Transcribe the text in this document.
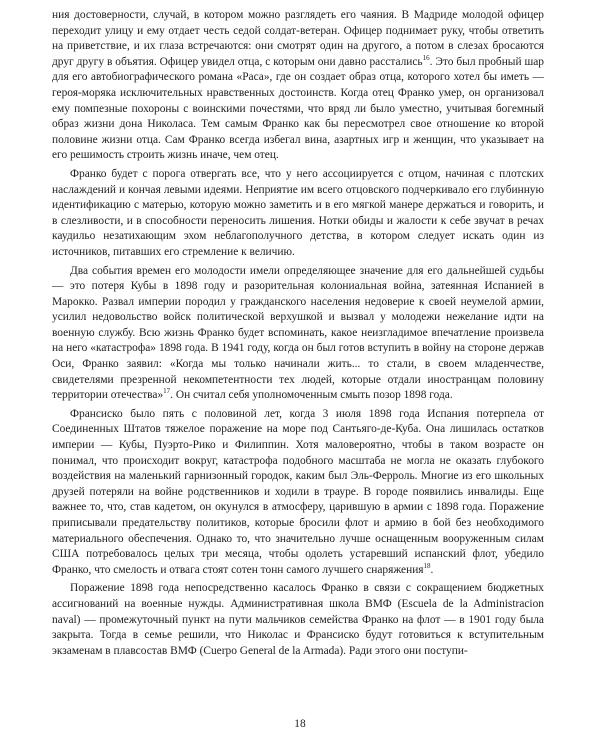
ния достоверности, случай, в котором можно разглядеть его чаяния. В Мадриде молодой офицер переходит улицу и ему отдает честь седой солдат-ветеран. Офицер поднимает руку, чтобы ответить на приветствие, и их глаза встречаются: они смотрят один на другого, а потом в слезах бросаются друг другу в объятия. Офицер увидел отца, с которым они давно расстались$^{16}$. Это был пробный шар для его автобиографического романа «Раса», где он создает образ отца, которого хотел бы иметь — героя-моряка исключительных нравственных достоинств. Когда отец Франко умер, он организовал ему помпезные похороны с воинскими почестями, что вряд ли было уместно, учитывая богемный образ жизни дона Николаса. Тем самым Франко как бы пересмотрел свое отношение ко второй половине жизни отца. Сам Франко всегда избегал вина, азартных игр и женщин, что указывает на его решимость строить жизнь иначе, чем отец.

Франко будет с порога отвергать все, что у него ассоциируется с отцом, начиная с плотских наслаждений и кончая левыми идеями. Неприятие им всего отцовского подчеркивало его глубинную идентификацию с матерью, которую можно заметить и в его мягкой манере держаться и говорить, и в слезливости, и в способности переносить лишения. Нотки обиды и жалости к себе звучат в речах каудильо незатихающим эхом неблагополучного детства, в котором следует искать один из источников, питавших его стремление к величию.

Два события времен его молодости имели определяющее значение для его дальнейшей судьбы — это потеря Кубы в 1898 году и разорительная колониальная война, затеянная Испанией в Марокко. Развал империи породил у гражданского населения недоверие к своей неумелой армии, усилил недовольство войск политической верхушкой и вызвал у молодежи нежелание идти на военную службу. Всю жизнь Франко будет вспоминать, какое неизгладимое впечатление произвела на него «катастрофа» 1898 года. В 1941 году, когда он был готов вступить в войну на стороне держав Оси, Франко заявил: «Когда мы только начинали жить... то стали, в своем младенчестве, свидетелями презренной некомпетентности тех людей, которые отдали иностранцам половину территории отечества»$^{17}$. Он считал себя уполномоченным смыть позор 1898 года.

Франсиско было пять с половиной лет, когда 3 июля 1898 года Испания потерпела от Соединенных Штатов тяжелое поражение на море под Сантьяго-де-Куба. Она лишилась остатков империи — Кубы, Пуэрто-Рико и Филиппин. Хотя маловероятно, чтобы в таком возрасте он понимал, что происходит вокруг, катастрофа подобного масштаба не могла не оказать глубокого воздействия на маленький гарнизонный городок, каким был Эль-Ферроль. Многие из его школьных друзей потеряли на войне родственников и ходили в трауре. В городе появились инвалиды. Еще важнее то, что, став кадетом, он окунулся в атмосферу, царившую в армии с 1898 года. Поражение приписывали предательству политиков, которые бросили флот и армию в бой без необходимого материального обеспечения. Однако то, что значительно лучше оснащенным вооруженным силам США потребовалось целых три месяца, чтобы одолеть устаревший испанский флот, убедило Франко, что смелость и отвага стоят сотен тонн самого лучшего снаряжения$^{18}$.

Поражение 1898 года непосредственно касалось Франко в связи с сокращением бюджетных ассигнований на военные нужды. Административная школа ВМФ (Escuela de la Administracion naval) — промежуточный пункт на пути мальчиков семейства Франко на флот — в 1901 году была закрыта. Тогда в семье решили, что Николас и Франсиско будут готовиться к вступительным экзаменам в плавсостав ВМФ (Cuerpo General de la Armada). Ради этого они поступи-

18
